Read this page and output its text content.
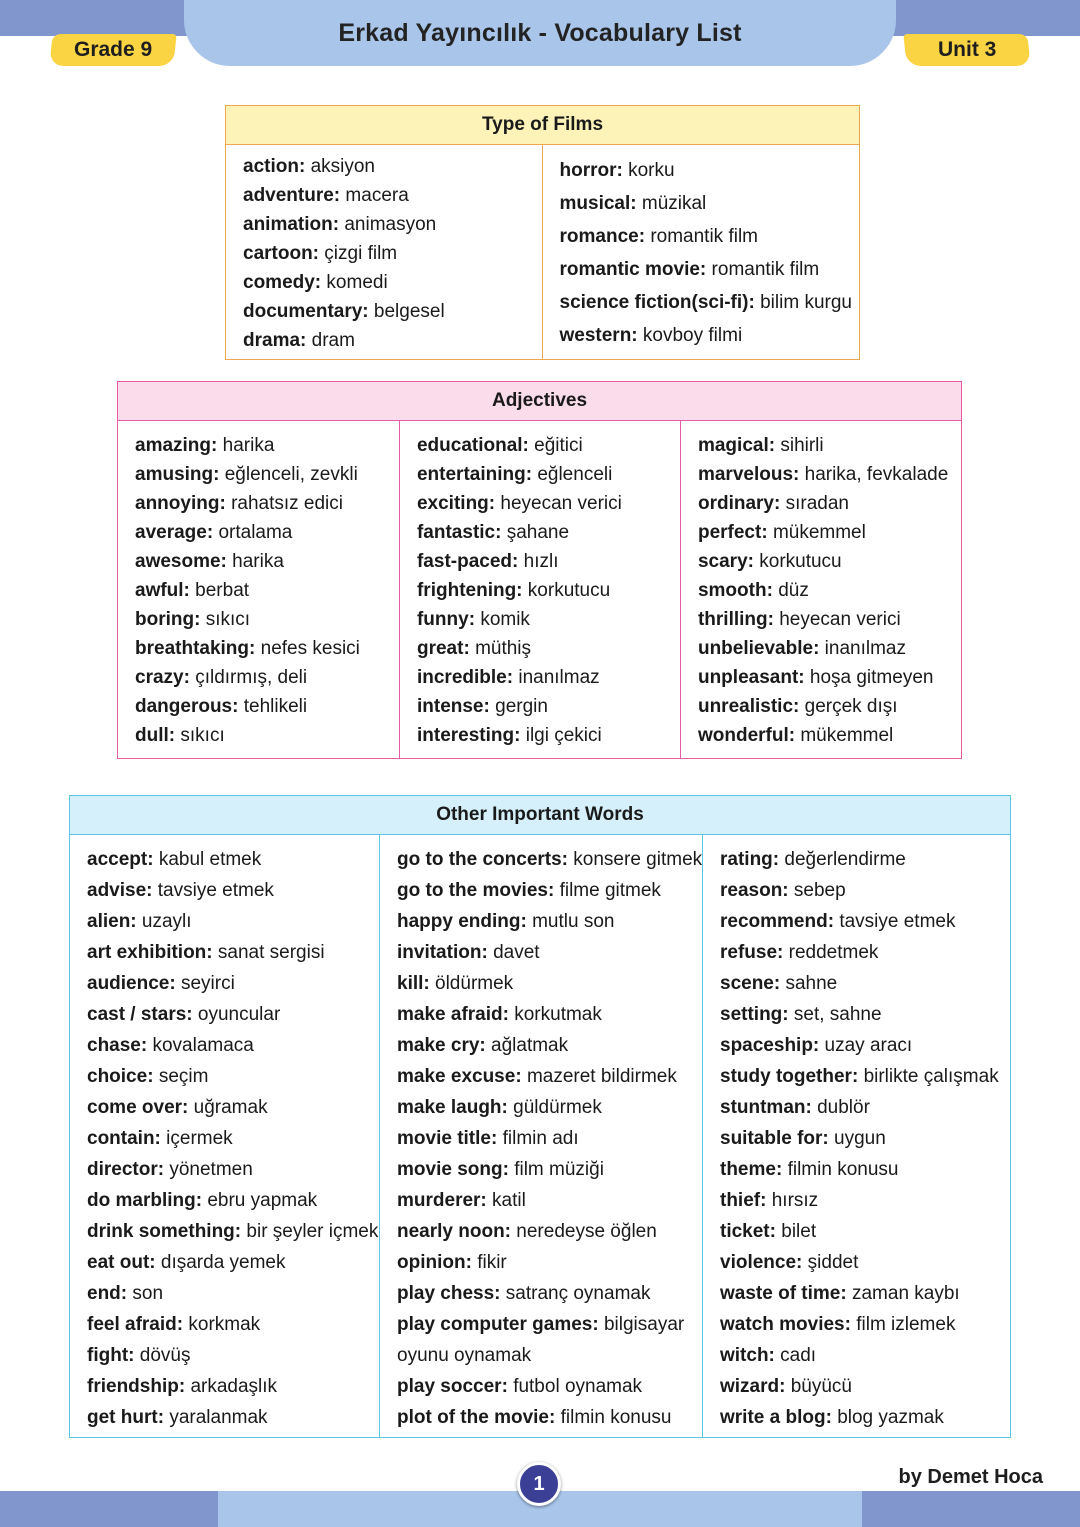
Grade 9
Erkad Yayıncılık - Vocabulary List
Unit 3
Type of Films
action: aksiyon
adventure: macera
animation: animasyon
cartoon: çizgi film
comedy: komedi
documentary: belgesel
drama: dram
horror: korku
musical: müzikal
romance: romantik film
romantic movie: romantik film
science fiction(sci-fi): bilim kurgu
western: kovboy filmi
Adjectives
amazing: harika
amusing: eğlenceli, zevkli
annoying: rahatsız edici
average: ortalama
awesome: harika
awful: berbat
boring: sıkıcı
breathtaking: nefes kesici
crazy: çıldırmış, deli
dangerous: tehlikeli
dull: sıkıcı
educational: eğitici
entertaining: eğlenceli
exciting: heyecan verici
fantastic: şahane
fast-paced: hızlı
frightening: korkutucu
funny: komik
great: müthiş
incredible: inanılmaz
intense: gergin
interesting: ilgi çekici
magical: sihirli
marvelous: harika, fevkalade
ordinary: sıradan
perfect: mükemmel
scary: korkutucu
smooth: düz
thrilling: heyecan verici
unbelievable: inanılmaz
unpleasant: hoşa gitmeyen
unrealistic: gerçek dışı
wonderful: mükemmel
Other Important Words
accept: kabul etmek
advise: tavsiye etmek
alien: uzaylı
art exhibition: sanat sergisi
audience: seyirci
cast / stars: oyuncular
chase: kovalamaca
choice: seçim
come over: uğramak
contain: içermek
director: yönetmen
do marbling: ebru yapmak
drink something: bir şeyler içmek
eat out: dışarda yemek
end: son
feel afraid: korkmak
fight: dövüş
friendship: arkadaşlık
get hurt: yaralanmak
go to the concerts: konsere gitmek
go to the movies: filme gitmek
happy ending: mutlu son
invitation: davet
kill: öldürmek
make afraid: korkutmak
make cry: ağlatmak
make excuse: mazeret bildirmek
make laugh: güldürmek
movie title: filmin adı
movie song: film müziği
murderer: katil
nearly noon: neredeyse öğlen
opinion: fikir
play chess: satranç oynamak
play computer games: bilgisayar
oyunu oynamak
play soccer: futbol oynamak
plot of the movie: filmin konusu
rating: değerlendirme
reason: sebep
recommend: tavsiye etmek
refuse: reddetmek
scene: sahne
setting: set, sahne
spaceship: uzay aracı
study together: birlikte çalışmak
stuntman: dublör
suitable for: uygun
theme: filmin konusu
thief: hırsız
ticket: bilet
violence: şiddet
waste of time: zaman kaybı
watch movies: film izlemek
witch: cadı
wizard: büyücü
write a blog: blog yazmak
1	by Demet Hoca
